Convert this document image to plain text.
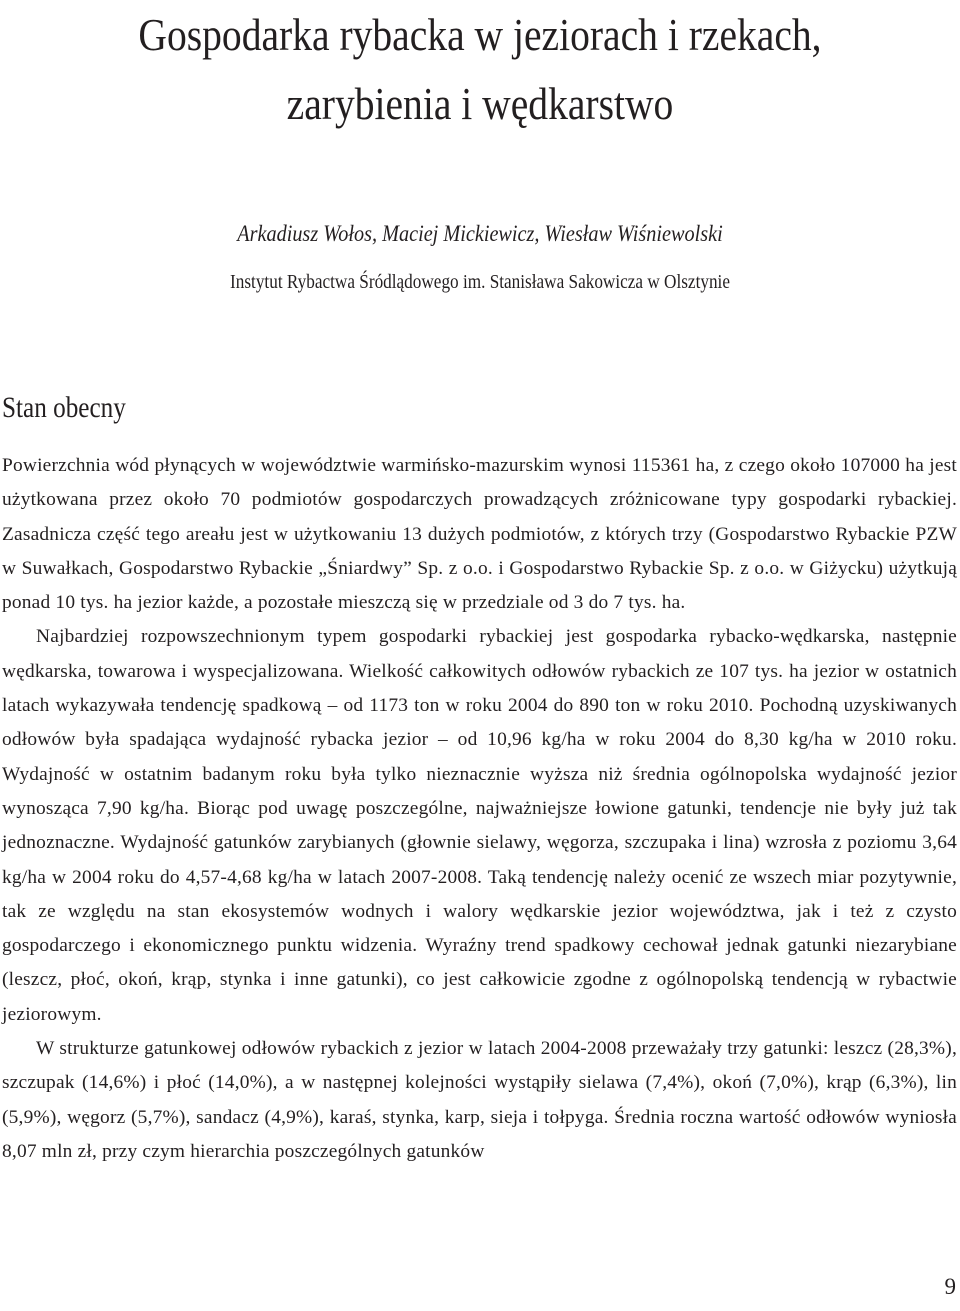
Gospodarka rybacka w jeziorach i rzekach,
zarybienia i wędkarstwo
Arkadiusz Wołos, Maciej Mickiewicz, Wiesław Wiśniewolski
Instytut Rybactwa Śródlądowego im. Stanisława Sakowicza w Olsztynie
Stan obecny

Powierzchnia wód płynących w województwie warmińsko-mazurskim wynosi 115361 ha, z czego około 107000 ha jest użytkowana przez około 70 podmiotów gospodarczych prowadzących zróżnicowane typy gospodarki rybackiej. Zasadnicza część tego areału jest w użytkowaniu 13 dużych podmiotów, z których trzy (Gospodarstwo Rybackie PZW w Suwałkach, Gospodarstwo Rybackie „Śniardwy” Sp. z o.o. i Gospodarstwo Rybackie Sp. z o.o. w Giżycku) użytkują ponad 10 tys. ha jezior każde, a pozostałe mieszczą się w przedziale od 3 do 7 tys. ha.

Najbardziej rozpowszechnionym typem gospodarki rybackiej jest gospodarka rybacko-wędkarska, następnie wędkarska, towarowa i wyspecjalizowana. Wielkość całkowitych odłowów rybackich ze 107 tys. ha jezior w ostatnich latach wykazywała tendencję spadkową – od 1173 ton w roku 2004 do 890 ton w roku 2010. Pochodną uzyskiwanych odłowów była spadająca wydajność rybacka jezior – od 10,96 kg/ha w roku 2004 do 8,30 kg/ha w 2010 roku. Wydajność w ostatnim badanym roku była tylko nieznacznie wyższa niż średnia ogólnopolska wydajność jezior wynosząca 7,90 kg/ha. Biorąc pod uwagę poszczególne, najważniejsze łowione gatunki, tendencje nie były już tak jednoznaczne. Wydajność gatunków zarybianych (głownie sielawy, węgorza, szczupaka i lina) wzrosła z poziomu 3,64 kg/ha w 2004 roku do 4,57-4,68 kg/ha w latach 2007-2008. Taką tendencję należy ocenić ze wszech miar pozytywnie, tak ze względu na stan ekosystemów wodnych i walory wędkarskie jezior województwa, jak i też z czysto gospodarczego i ekonomicznego punktu widzenia. Wyraźny trend spadkowy cechował jednak gatunki niezarybiane (leszcz, płoć, okoń, krąp, stynka i inne gatunki), co jest całkowicie zgodne z ogólnopolską tendencją w rybactwie jeziorowym.

W strukturze gatunkowej odłowów rybackich z jezior w latach 2004-2008 przeważały trzy gatunki: leszcz (28,3%), szczupak (14,6%) i płoć (14,0%), a w następnej kolejności wystąpiły sielawa (7,4%), okoń (7,0%), krąp (6,3%), lin (5,9%), węgorz (5,7%), sandacz (4,9%), karaś, stynka, karp, sieja i tołpyga. Średnia roczna wartość odłowów wyniosła 8,07 mln zł, przy czym hierarchia poszczególnych gatunków

9
